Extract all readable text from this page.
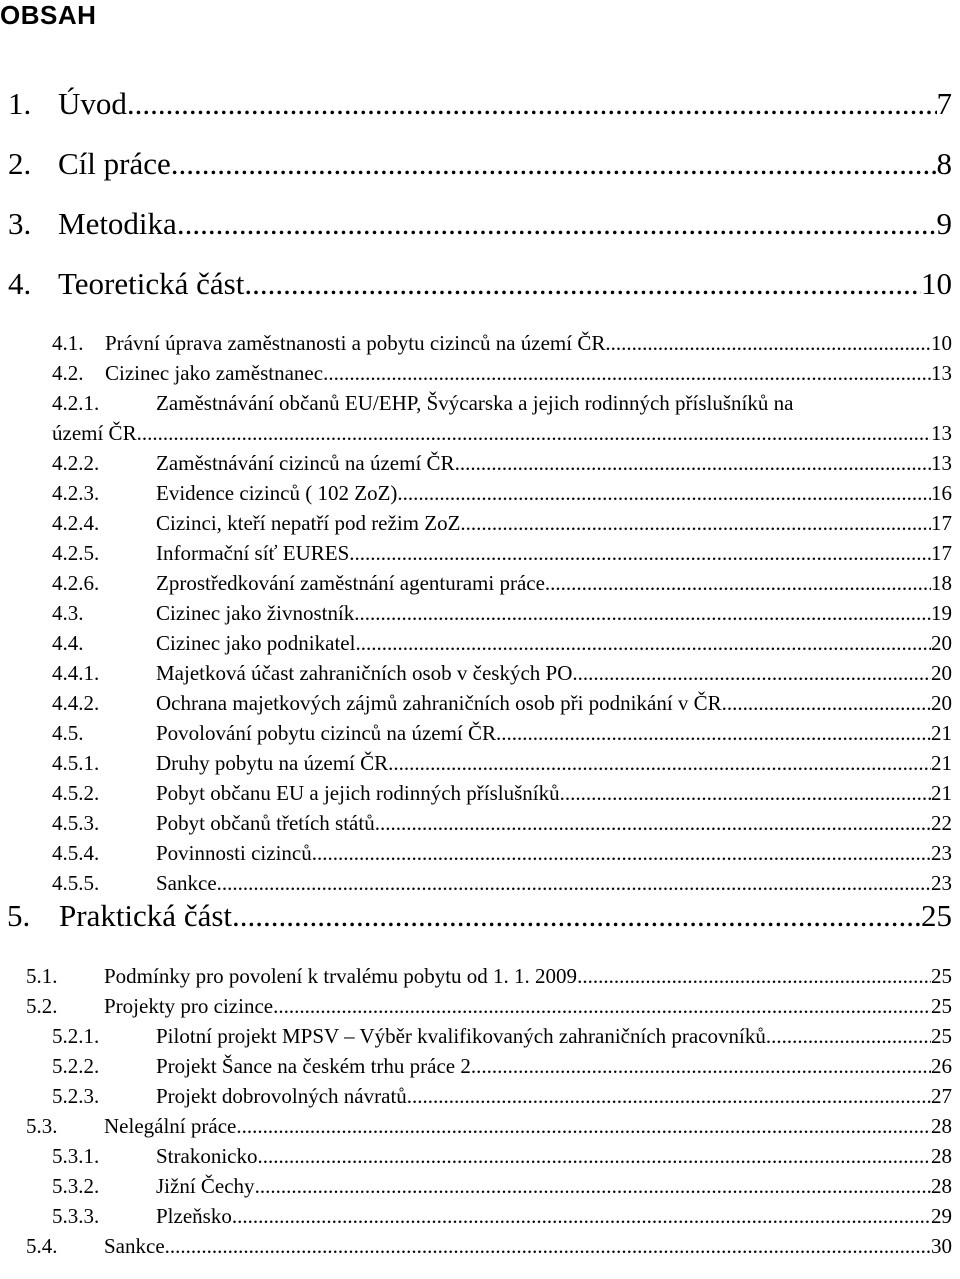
OBSAH
1. Úvod .....	7
2. Cíl práce .....	8
3. Metodika .....	9
4. Teoretická část .....	10
4.1.	Právní úprava zaměstnanosti a pobytu cizinců na území ČR .....	10
4.2.	Cizinec jako zaměstnanec .....	13
4.2.1.	Zaměstnávání občanů EU/EHP, Švýcarska a jejich rodinných příslušníků na
území ČR .....	13
4.2.2.	Zaměstnávání cizinců na území ČR .....	13
4.2.3.	Evidence cizinců ( 102 ZoZ) .....	16
4.2.4.	Cizinci, kteří nepatří pod režim ZoZ .....	17
4.2.5.	Informační síť EURES .....	17
4.2.6.	Zprostředkování zaměstnání agenturami práce .....	18
4.3.	Cizinec jako živnostník .....	19
4.4.	Cizinec jako podnikatel .....	20
4.4.1.	Majetková účast zahraničních osob v českých PO .....	20
4.4.2.	Ochrana majetkových zájmů zahraničních osob při podnikání v ČR .....	20
4.5.	Povolování pobytu cizinců na území ČR .....	21
4.5.1.	Druhy pobytu na území ČR .....	21
4.5.2.	Pobyt občanu EU a jejich rodinných příslušníků .....	21
4.5.3.	Pobyt občanů třetích států .....	22
4.5.4.	Povinnosti cizinců .....	23
4.5.5.	Sankce .....	23
5. Praktická část .....	25
5.1.	Podmínky pro povolení k trvalému pobytu od 1. 1. 2009 .....	25
5.2.	Projekty pro cizince .....	25
5.2.1.	Pilotní projekt MPSV – Výběr kvalifikovaných zahraničních pracovníků .....	25
5.2.2.	Projekt Šance na českém trhu práce 2 .....	26
5.2.3.	Projekt dobrovolných návratů .....	27
5.3.	Nelegální práce .....	28
5.3.1.	Strakonicko .....	28
5.3.2.	Jižní Čechy .....	28
5.3.3.	Plzeňsko .....	29
5.4.	Sankce .....	30
